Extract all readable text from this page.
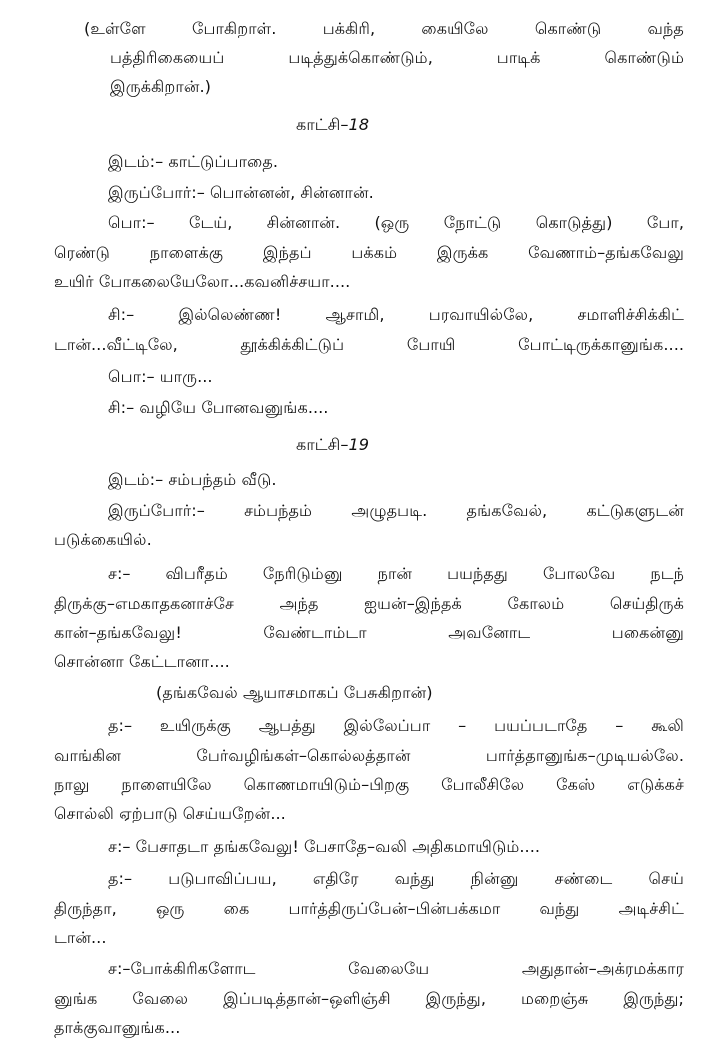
(உள்ளே	போகிறாள்.	பக்கிரி,	கையிலே	கொண்டு	வந்த
பத்திரிகையைப்	படித்துக்கொண்டும்,	பாடிக்	கொண்டும்
இருக்கிறான்.)
காட்சி–18
இடம்:– காட்டுப்பாதை.
இருப்போர்:– பொன்னன், சின்னான்.
பொ:– டேய், சின்னான். (ஒரு நோட்டு கொடுத்து) போ,
ரெண்டு நாளைக்கு இந்தப் பக்கம் இருக்க வேணாம்–தங்கவேலு
உயிர் போகலையேலோ...கவனிச்சயா....
சி:–	இல்லெண்ண!	ஆசாமி,	பரவாயில்லே,	சமாளிச்சிக்கிட்
டான்...வீட்டிலே,	தூக்கிக்கிட்டுப்	போயி	போட்டிருக்கானுங்க....
பொ:– யாரு...
சி:– வழியே போனவனுங்க....
காட்சி–19
இடம்:– சம்பந்தம் வீடு.
இருப்போர்:– சம்பந்தம் அழுதபடி. தங்கவேல், கட்டுகளுடன்
படுக்கையில்.
ச:– விபரீதம் நேரிடும்னு நான் பயந்தது போலவே நடந்
திருக்கு–எமகாதகனாச்சே	அந்த	ஐயன்–இந்தக்	கோலம்	செய்திருக்
கான்–தங்கவேலு!	வேண்டாம்டா	அவனோட	பகைன்னு
சொன்னா கேட்டானா....
(தங்கவேல் ஆயாசமாகப் பேசுகிறான்)
த:– உயிருக்கு ஆபத்து இல்லேப்பா – பயப்படாதே – கூலி
வாங்கின	பேர்வழிங்கள்–கொல்லத்தான்	பார்த்தானுங்க–முடியல்லே.
நாலு நாளையிலே கொணமாயிடும்–பிறகு போலீசிலே கேஸ் எடுக்கச்
சொல்லி ஏற்பாடு செய்யறேன்...
ச:– பேசாதடா தங்கவேலு! பேசாதே–வலி அதிகமாயிடும்....
த:– படுபாவிப்பய, எதிரே வந்து நின்னு சண்டை செய்
திருந்தா, ஒரு கை பார்த்திருப்பேன்–பின்பக்கமா வந்து அடிச்சிட்
டான்...
ச:–போக்கிரிகளோட	வேலையே	அதுதான்–அக்ரமக்கார
னுங்க வேலை இப்படித்தான்–ஒளிஞ்சி இருந்து, மறைஞ்சு இருந்து;
தாக்குவானுங்க...
